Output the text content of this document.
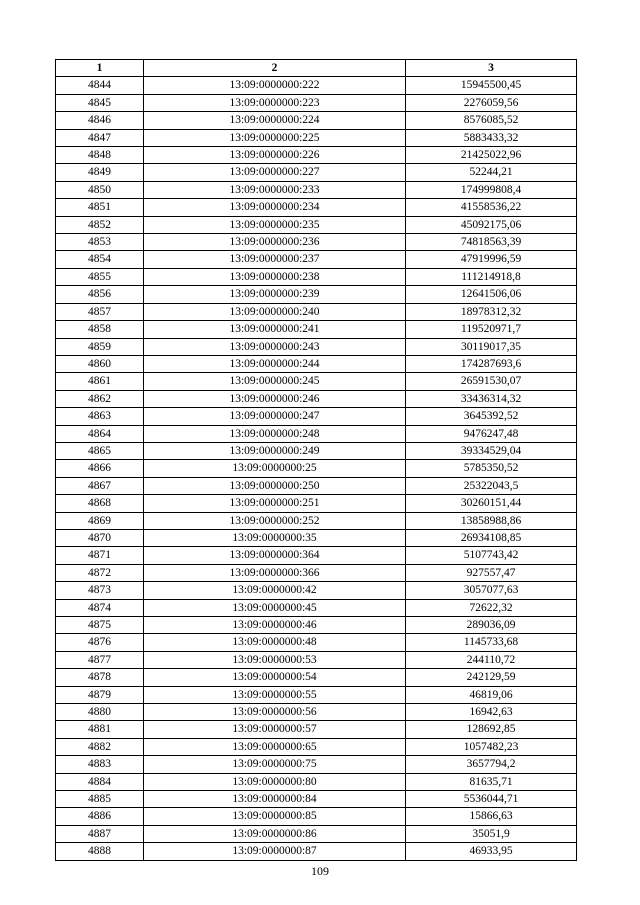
1	2	3
4844	13:09:0000000:222	15945500,45
4845	13:09:0000000:223	2276059,56
4846	13:09:0000000:224	8576085,52
4847	13:09:0000000:225	5883433,32
4848	13:09:0000000:226	21425022,96
4849	13:09:0000000:227	52244,21
4850	13:09:0000000:233	174999808,4
4851	13:09:0000000:234	41558536,22
4852	13:09:0000000:235	45092175,06
4853	13:09:0000000:236	74818563,39
4854	13:09:0000000:237	47919996,59
4855	13:09:0000000:238	111214918,8
4856	13:09:0000000:239	12641506,06
4857	13:09:0000000:240	18978312,32
4858	13:09:0000000:241	119520971,7
4859	13:09:0000000:243	30119017,35
4860	13:09:0000000:244	174287693,6
4861	13:09:0000000:245	26591530,07
4862	13:09:0000000:246	33436314,32
4863	13:09:0000000:247	3645392,52
4864	13:09:0000000:248	9476247,48
4865	13:09:0000000:249	39334529,04
4866	13:09:0000000:25	5785350,52
4867	13:09:0000000:250	25322043,5
4868	13:09:0000000:251	30260151,44
4869	13:09:0000000:252	13858988,86
4870	13:09:0000000:35	26934108,85
4871	13:09:0000000:364	5107743,42
4872	13:09:0000000:366	927557,47
4873	13:09:0000000:42	3057077,63
4874	13:09:0000000:45	72622,32
4875	13:09:0000000:46	289036,09
4876	13:09:0000000:48	1145733,68
4877	13:09:0000000:53	244110,72
4878	13:09:0000000:54	242129,59
4879	13:09:0000000:55	46819,06
4880	13:09:0000000:56	16942,63
4881	13:09:0000000:57	128692,85
4882	13:09:0000000:65	1057482,23
4883	13:09:0000000:75	3657794,2
4884	13:09:0000000:80	81635,71
4885	13:09:0000000:84	5536044,71
4886	13:09:0000000:85	15866,63
4887	13:09:0000000:86	35051,9
4888	13:09:0000000:87	46933,95
109
